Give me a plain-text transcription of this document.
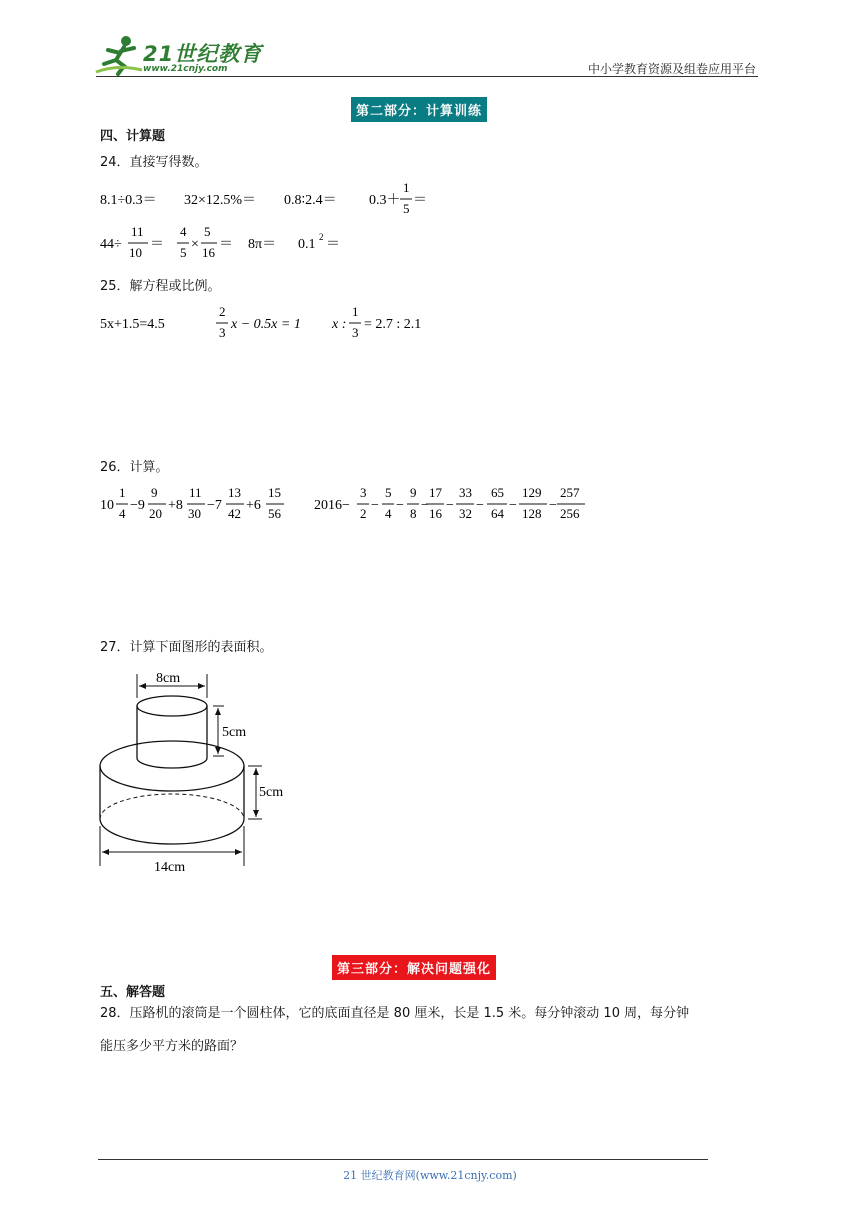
21世纪教育
www.21cnjy.com	中小学教育资源及组卷应用平台
第二部分：计算训练
四、计算题
24．直接写得数。
8.1÷0.3＝ 32×12.5%＝ 0.8∶2.4＝ 0.3＋
1
5
＝
44÷
11
10
＝
4
5
×
5
16
＝ 8π＝ 0.1 2 ＝
25．解方程或比例。
5x+1.5=4.5
2
3
x − 0.5x = 1 x :
1
3
= 2.7 : 2.1
26．计算。
10
1
4
−9
9
20
+8
11
30
−7
13
42
+6
15
56
2016−
3
2
−
5
4
−
9
8
−
17
16
−
33
32
−
65
64
−
129
128
−
257
256
27．计算下面图形的表面积。
8cm
5cm
5cm
14cm
第三部分：解决问题强化
五、解答题
28．压路机的滚筒是一个圆柱体，它的底面直径是 80 厘米，长是 1.5 米。每分钟滚动 10 周，每分钟
能压多少平方米的路面？
21 世纪教育网(www.21cnjy.com)
